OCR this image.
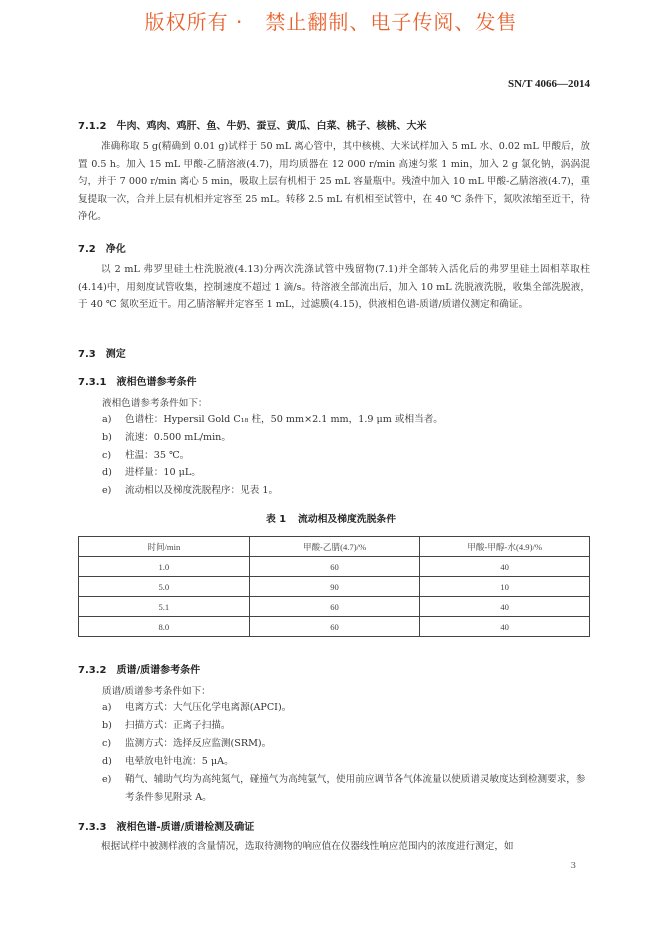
版权所有 ·   禁止翻制、电子传阅、发售
SN/T 4066—2014
7.1.2 牛肉、鸡肉、鸡肝、鱼、牛奶、蚕豆、黄瓜、白菜、桃子、核桃、大米
准确称取 5 g(精确到 0.01 g)试样于 50 mL 离心管中，其中核桃、大米试样加入 5 mL 水、0.02 mL 甲酸后，放置 0.5 h。加入 15 mL 甲酸-乙腈溶液(4.7)，用均质器在 12 000 r/min 高速匀浆 1 min，加入 2 g 氯化钠，涡涡混匀，并于 7 000 r/min 离心 5 min，吸取上层有机相于 25 mL 容量瓶中。残渣中加入 10 mL 甲酸-乙腈溶液(4.7)，重复提取一次，合并上层有机相并定容至 25 mL。转移 2.5 mL 有机相至试管中，在 40 ℃ 条件下，氮吹浓缩至近干，待净化。
7.2 净化
以 2 mL 弗罗里硅土柱洗脱液(4.13)分两次洗涤试管中残留物(7.1)并全部转入活化后的弗罗里硅土固相萃取柱(4.14)中，用刻度试管收集，控制速度不超过 1 滴/s。待溶液全部流出后，加入 10 mL 洗脱液洗脱，收集全部洗脱液，于 40 ℃ 氮吹至近干。用乙腈溶解并定容至 1 mL，过滤膜(4.15)，供液相色谱-质谱/质谱仪测定和确证。
7.3 测定
7.3.1 液相色谱参考条件
液相色谱参考条件如下：
a)	色谱柱：Hypersil Gold C₁₈ 柱，50 mm×2.1 mm，1.9 μm 或相当者。
b)	流速：0.500 mL/min。
c)	柱温：35 ℃。
d)	进样量：10 μL。
e)	流动相以及梯度洗脱程序：见表 1。
表 1 流动相及梯度洗脱条件
时间/min	甲酸-乙腈(4.7)/%	甲酸-甲醇-水(4.9)/%
1.0	60	40
5.0	90	10
5.1	60	40
8.0	60	40
7.3.2 质谱/质谱参考条件
质谱/质谱参考条件如下：
a)	电离方式：大气压化学电离源(APCI)。
b)	扫描方式：正离子扫描。
c)	监测方式：选择反应监测(SRM)。
d)	电晕放电针电流：5 μA。
e)	鞘气、辅助气均为高纯氮气，碰撞气为高纯氩气，使用前应调节各气体流量以使质谱灵敏度达到检测要求，参考条件参见附录 A。
7.3.3 液相色谱-质谱/质谱检测及确证
根据试样中被测样液的含量情况，选取待测物的响应值在仪器线性响应范围内的浓度进行测定，如
3
